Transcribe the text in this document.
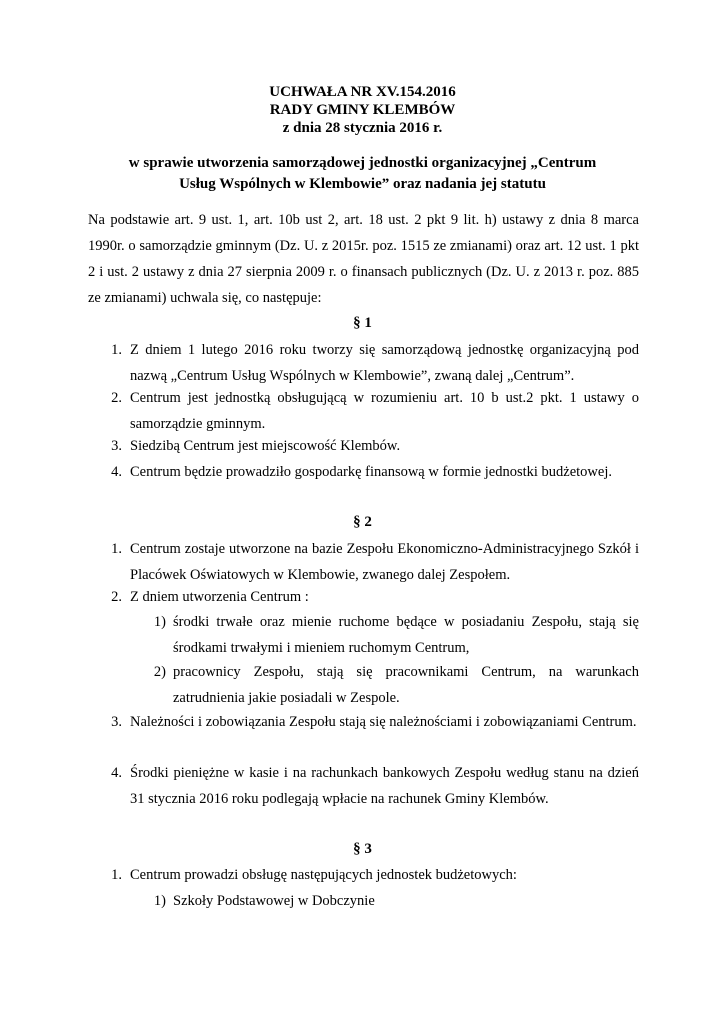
UCHWAŁA NR XV.154.2016
RADY GMINY KLEMBÓW
z dnia 28 stycznia 2016 r.
w sprawie utworzenia samorządowej jednostki organizacyjnej „Centrum Usług Wspólnych w Klembowie” oraz nadania jej statutu
Na podstawie art. 9 ust. 1, art. 10b ust 2, art. 18 ust. 2 pkt 9 lit. h) ustawy z dnia 8 marca 1990r. o samorządzie gminnym (Dz. U. z 2015r. poz. 1515 ze zmianami) oraz art. 12 ust. 1 pkt 2 i ust. 2 ustawy z dnia 27 sierpnia 2009 r. o finansach publicznych (Dz. U. z 2013 r. poz. 885 ze zmianami) uchwala się, co następuje:
§ 1
1. Z dniem 1 lutego 2016 roku tworzy się samorządową jednostkę organizacyjną pod nazwą „Centrum Usług Wspólnych w Klembowie”, zwaną dalej „Centrum”.
2. Centrum jest jednostką obsługującą w rozumieniu art. 10 b ust.2 pkt. 1 ustawy o samorządzie gminnym.
3. Siedzibą Centrum jest miejscowość Klembów.
4. Centrum będzie prowadziło gospodarkę finansową w formie jednostki budżetowej.
§ 2
1. Centrum zostaje utworzone na bazie Zespołu Ekonomiczno-Administracyjnego Szkół i Placówek Oświatowych w Klembowie, zwanego dalej Zespołem.
2. Z dniem utworzenia Centrum :
1) środki trwałe oraz mienie ruchome będące w posiadaniu Zespołu, stają się środkami trwałymi i mieniem ruchomym Centrum,
2) pracownicy Zespołu, stają się pracownikami Centrum, na warunkach zatrudnienia jakie posiadali w Zespole.
3. Należności i zobowiązania Zespołu stają się należnościami i zobowiązaniami Centrum.
4. Środki pieniężne w kasie i na rachunkach bankowych Zespołu według stanu na dzień 31 stycznia 2016 roku podlegają wpłacie na rachunek Gminy Klembów.
§ 3
1. Centrum prowadzi obsługę następujących jednostek budżetowych:
1) Szkoły Podstawowej w Dobczynie
